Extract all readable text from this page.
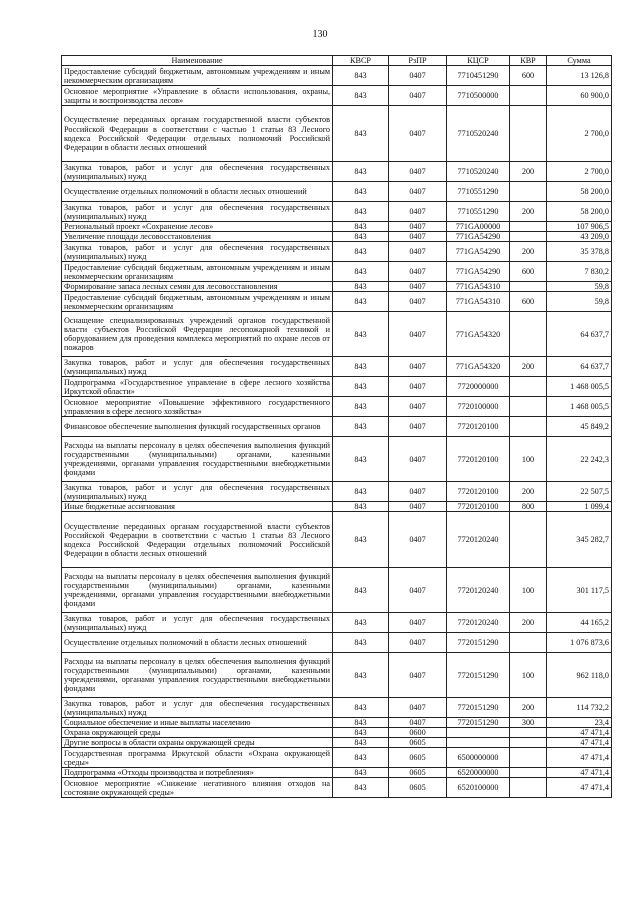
130
Наименование	КВСР	РзПР	КЦСР	КВР	Сумма
Предоставление субсидий бюджетным, автономным учреждениям и иным некоммерческим организациям	843	0407	7710451290	600	13 126,8
Основное мероприятие «Управление в области использования, охраны, защиты и воспроизводства лесов»	843	0407	7710500000		60 900,0
Осуществление переданных органам государственной власти субъектов Российской Федерации в соответствии с частью 1 статьи 83 Лесного кодекса Российской Федерации отдельных полномочий Российской Федерации в области лесных отношений	843	0407	7710520240		2 700,0
Закупка товаров, работ и услуг для обеспечения государственных (муниципальных) нужд	843	0407	7710520240	200	2 700,0
Осуществление отдельных полномочий в области лесных отношений	843	0407	7710551290		58 200,0
Закупка товаров, работ и услуг для обеспечения государственных (муниципальных) нужд	843	0407	7710551290	200	58 200,0
Региональный проект «Сохранение лесов»	843	0407	771GA00000		107 906,5
Увеличение площади лесовосстановления	843	0407	771GA54290		43 209,0
Закупка товаров, работ и услуг для обеспечения государственных (муниципальных) нужд	843	0407	771GA54290	200	35 378,8
Предоставление субсидий бюджетным, автономным учреждениям и иным некоммерческим организациям	843	0407	771GA54290	600	7 830,2
Формирование запаса лесных семян для лесовосстановления	843	0407	771GA54310		59,8
Предоставление субсидий бюджетным, автономным учреждениям и иным некоммерческим организациям	843	0407	771GA54310	600	59,8
Оснащение специализированных учреждений органов государственной власти субъектов Российской Федерации лесопожарной техникой и оборудованием для проведения комплекса мероприятий по охране лесов от пожаров	843	0407	771GA54320		64 637,7
Закупка товаров, работ и услуг для обеспечения государственных (муниципальных) нужд	843	0407	771GA54320	200	64 637,7
Подпрограмма «Государственное управление в сфере лесного хозяйства Иркутской области»	843	0407	7720000000		1 468 005,5
Основное мероприятие «Повышение эффективного государственного управления в сфере лесного хозяйства»	843	0407	7720100000		1 468 005,5
Финансовое обеспечение выполнения функций государственных органов	843	0407	7720120100		45 849,2
Расходы на выплаты персоналу в целях обеспечения выполнения функций государственными (муниципальными) органами, казенными учреждениями, органами управления государственными внебюджетными фондами	843	0407	7720120100	100	22 242,3
Закупка товаров, работ и услуг для обеспечения государственных (муниципальных) нужд	843	0407	7720120100	200	22 507,5
Иные бюджетные ассигнования	843	0407	7720120100	800	1 099,4
Осуществление переданных органам государственной власти субъектов Российской Федерации в соответствии с частью 1 статьи 83 Лесного кодекса Российской Федерации отдельных полномочий Российской Федерации в области лесных отношений	843	0407	7720120240		345 282,7
Расходы на выплаты персоналу в целях обеспечения выполнения функций государственными (муниципальными) органами, казенными учреждениями, органами управления государственными внебюджетными фондами	843	0407	7720120240	100	301 117,5
Закупка товаров, работ и услуг для обеспечения государственных (муниципальных) нужд	843	0407	7720120240	200	44 165,2
Осуществление отдельных полномочий в области лесных отношений	843	0407	7720151290		1 076 873,6
Расходы на выплаты персоналу в целях обеспечения выполнения функций государственными (муниципальными) органами, казенными учреждениями, органами управления государственными внебюджетными фондами	843	0407	7720151290	100	962 118,0
Закупка товаров, работ и услуг для обеспечения государственных (муниципальных) нужд	843	0407	7720151290	200	114 732,2
Социальное обеспечение и иные выплаты населению	843	0407	7720151290	300	23,4
Охрана окружающей среды	843	0600			47 471,4
Другие вопросы в области охраны окружающей среды	843	0605			47 471,4
Государственная программа Иркутской области «Охрана окружающей среды»	843	0605	6500000000		47 471,4
Подпрограмма «Отходы производства и потребления»	843	0605	6520000000		47 471,4
Основное мероприятие «Снижение негативного влияния отходов на состояние окружающей среды»	843	0605	6520100000		47 471,4
